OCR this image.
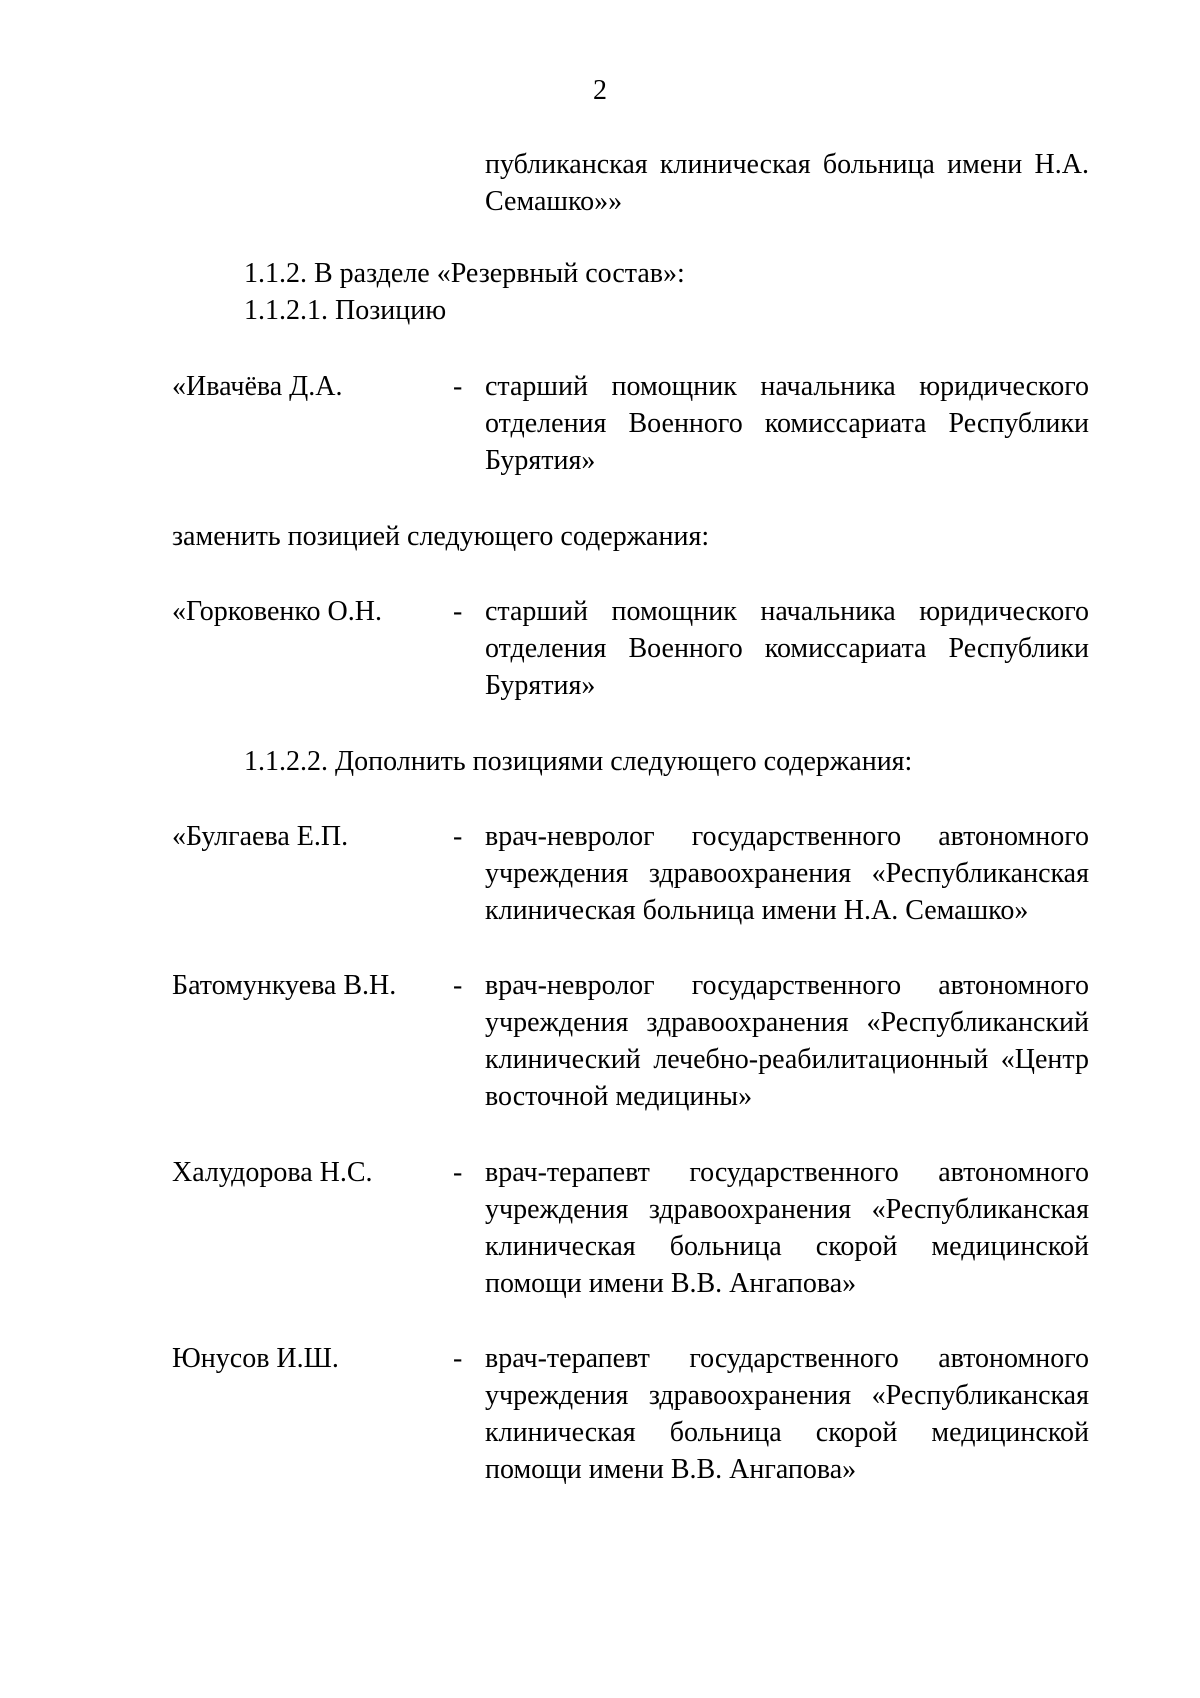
2
публиканская клиническая больница имени Н.А. Семашко»»
1.1.2. В разделе «Резервный состав»:
1.1.2.1. Позицию
«Ивачёва Д.А.	- старший помощник начальника юридического отделения Военного комиссариата Республики Бурятия»
заменить позицией следующего содержания:
«Горковенко О.Н.	- старший помощник начальника юридического отделения Военного комиссариата Республики Бурятия»
1.1.2.2. Дополнить позициями следующего содержания:
«Булгаева Е.П.	- врач-невролог государственного автономного учреждения здравоохранения «Республиканская клиническая больница имени Н.А. Семашко»
Батомункуева В.Н.	- врач-невролог государственного автономного учреждения здравоохранения «Республиканский клинический лечебно-реабилитационный «Центр восточной медицины»
Халудорова Н.С.	- врач-терапевт государственного автономного учреждения здравоохранения «Республиканская клиническая больница скорой медицинской помощи имени В.В. Ангапова»
Юнусов И.Ш.	- врач-терапевт государственного автономного учреждения здравоохранения «Республиканская клиническая больница скорой медицинской помощи имени В.В. Ангапова»
